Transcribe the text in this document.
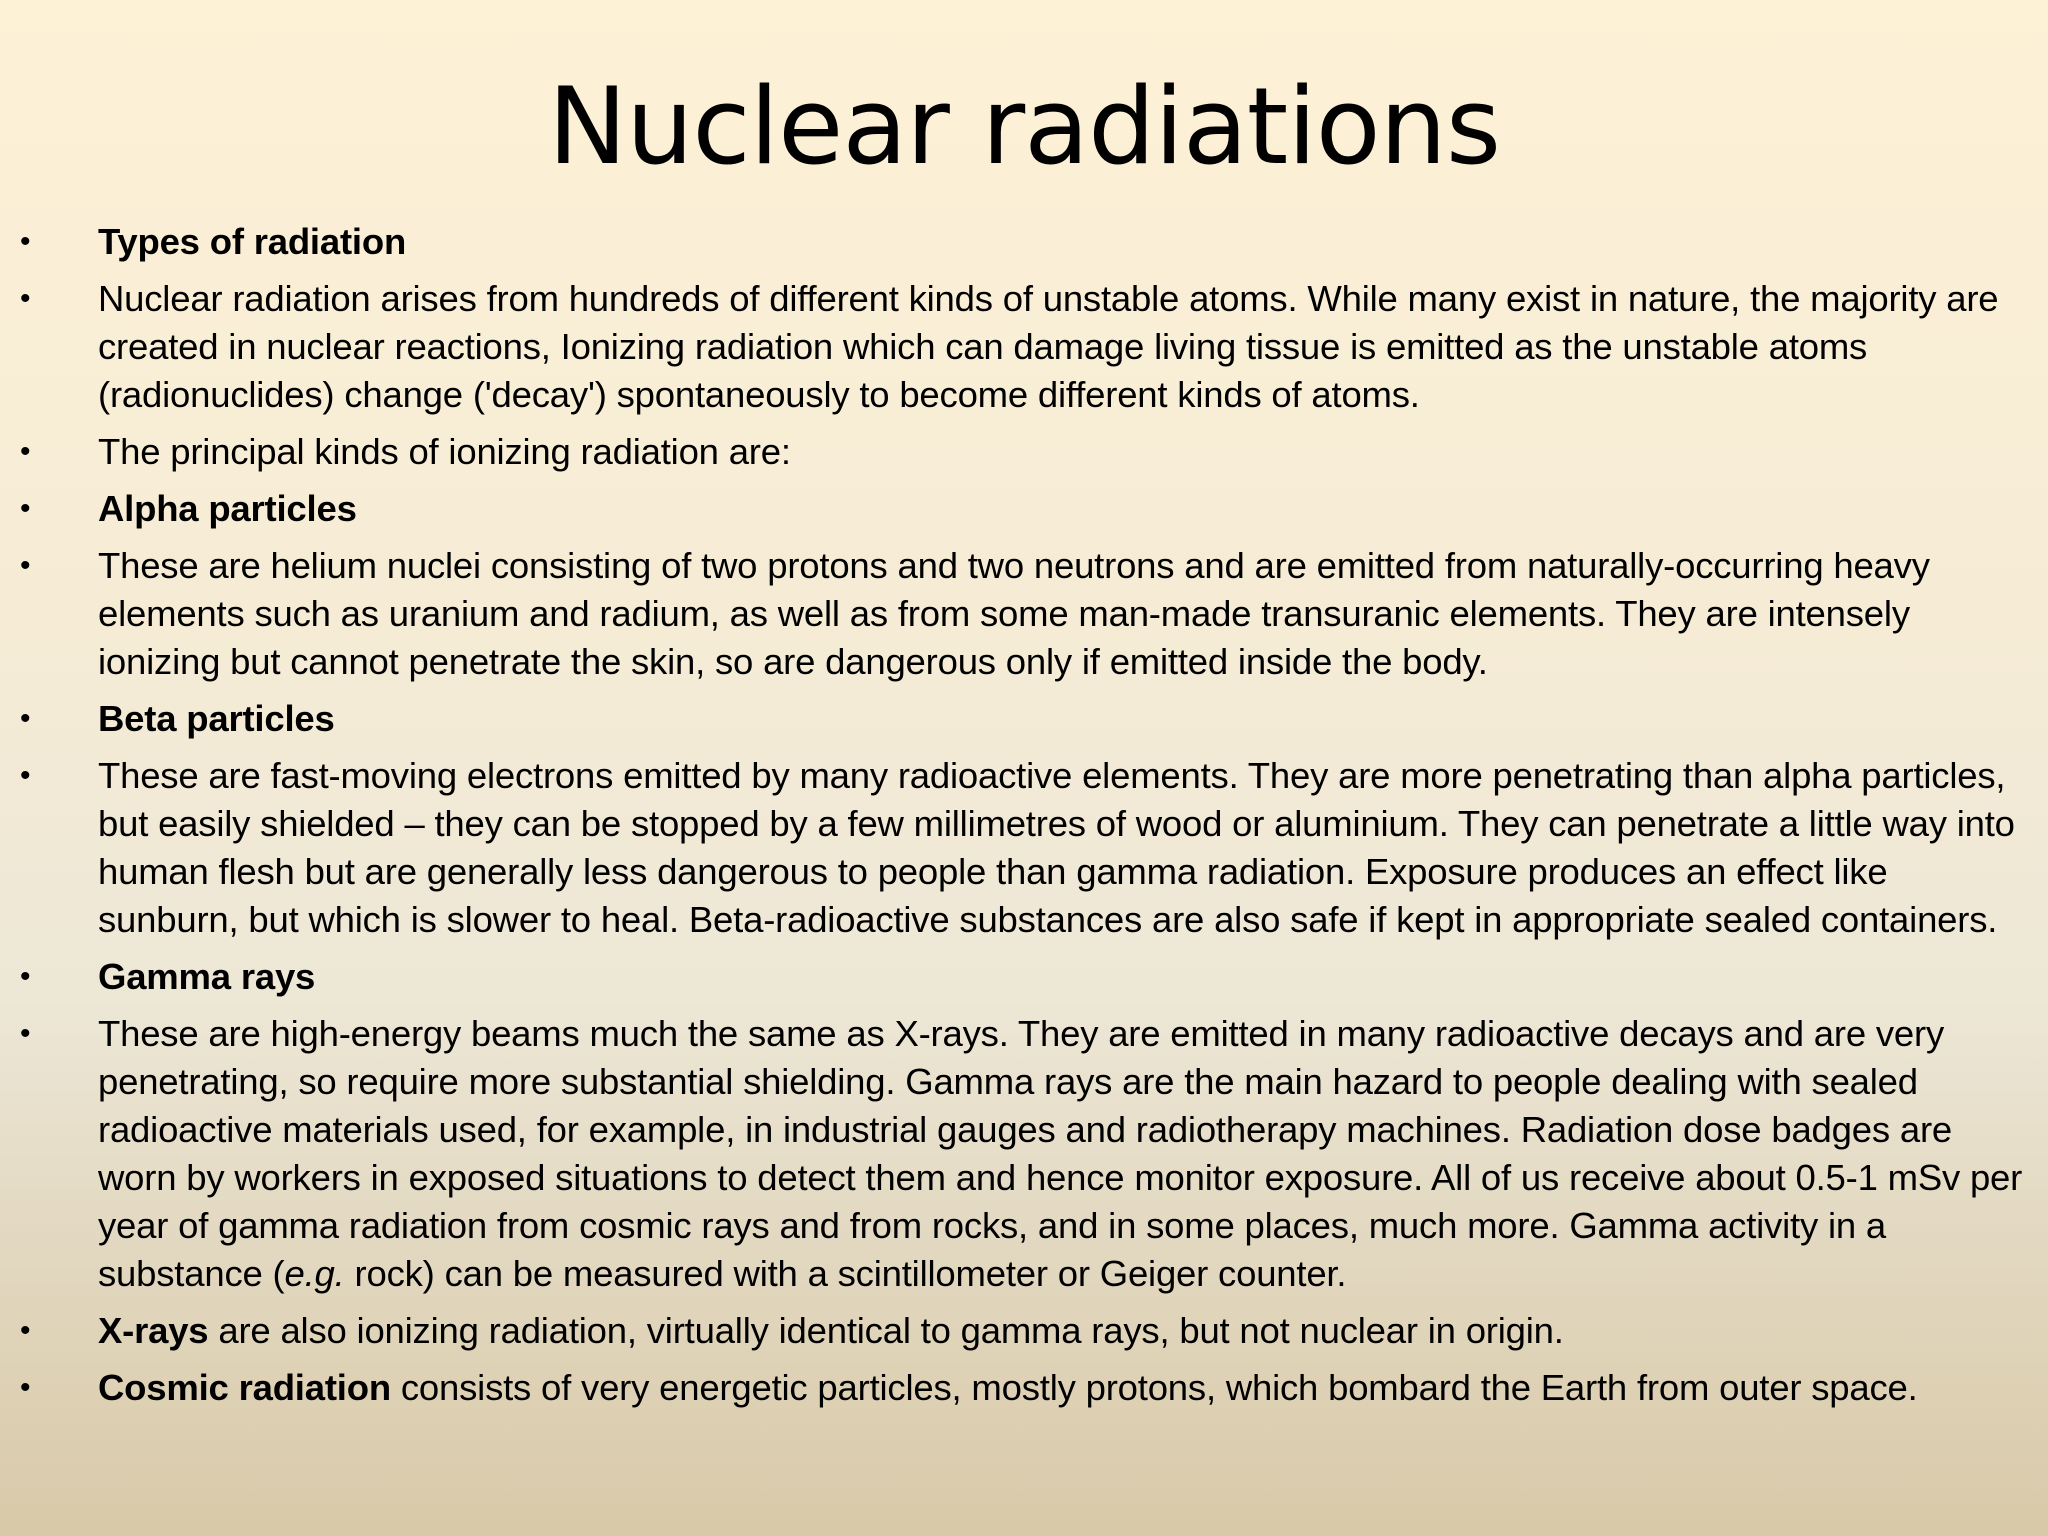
Nuclear radiations
•	Types of radiation
•	Nuclear radiation arises from hundreds of different kinds of unstable atoms. While many exist in nature, the majority are created in nuclear reactions, Ionizing radiation which can damage living tissue is emitted as the unstable atoms (radionuclides) change ('decay') spontaneously to become different kinds of atoms.
•	The principal kinds of ionizing radiation are:
•	Alpha particles
•	These are helium nuclei consisting of two protons and two neutrons and are emitted from naturally-occurring heavy elements such as uranium and radium, as well as from some man-made transuranic elements. They are intensely ionizing but cannot penetrate the skin, so are dangerous only if emitted inside the body.
•	Beta particles
•	These are fast-moving electrons emitted by many radioactive elements. They are more penetrating than alpha particles, but easily shielded – they can be stopped by a few millimetres of wood or aluminium. They can penetrate a little way into human flesh but are generally less dangerous to people than gamma radiation. Exposure produces an effect like sunburn, but which is slower to heal. Beta-radioactive substances are also safe if kept in appropriate sealed containers.
•	Gamma rays
•	These are high-energy beams much the same as X-rays. They are emitted in many radioactive decays and are very penetrating, so require more substantial shielding. Gamma rays are the main hazard to people dealing with sealed radioactive materials used, for example, in industrial gauges and radiotherapy machines. Radiation dose badges are worn by workers in exposed situations to detect them and hence monitor exposure. All of us receive about 0.5-1 mSv per year of gamma radiation from cosmic rays and from rocks, and in some places, much more. Gamma activity in a substance (e.g. rock) can be measured with a scintillometer or Geiger counter.
•	X-rays are also ionizing radiation, virtually identical to gamma rays, but not nuclear in origin.
•	Cosmic radiation consists of very energetic particles, mostly protons, which bombard the Earth from outer space.
